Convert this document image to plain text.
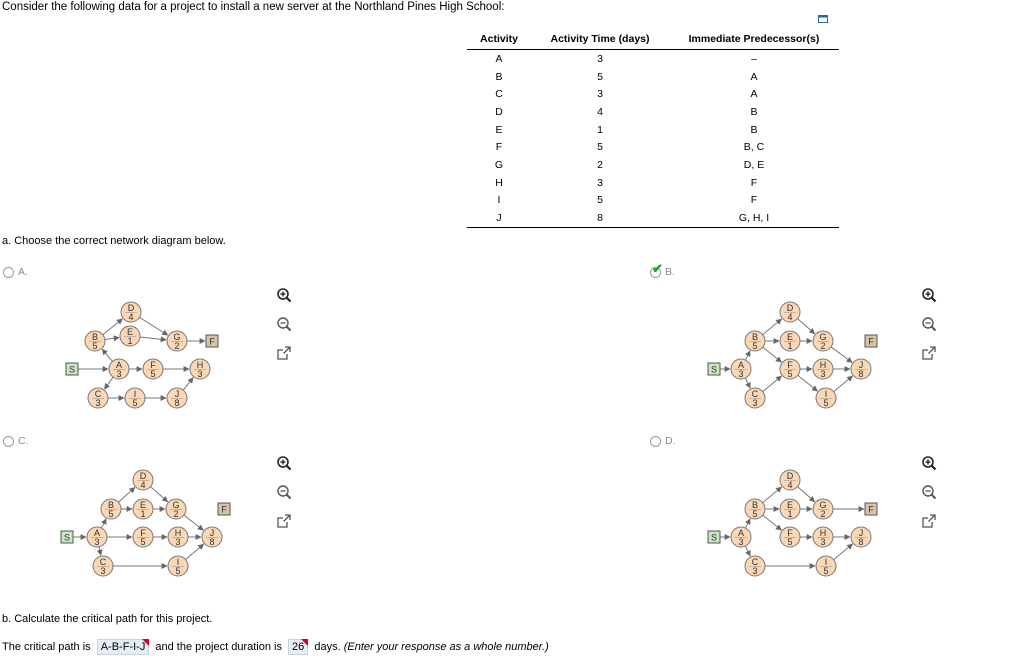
Consider the following data for a project to install a new server at the Northland Pines High School:
Activity	Activity Time (days)	Immediate Predecessor(s)
A	3	–
B	5	A
C	3	A
D	4	B
E	1	B
F	5	B, C
G	2	D, E
H	3	F
I	5	F
J	8	G, H, I
a. Choose the correct network diagram below.
A.	✔ B.
C.	D.
S	A
3
B
5
E
1
D
4
C
3
I
5
F
5
G
2
H
3
J
8
F
S A
3
B
5
C
3
D
4
E
1
F
5
G
2
H
3
I
5
J
8
F
S	A
3
B
5
C
3
D
4
E
1
F
5
G
2
H
3
I
5
J
8
F
S A
3
B
5
C
3
D
4
E
1
F
5
G
2
H
3
I
5
J
8
F
b. Calculate the critical path for this project.
The critical path is A-B-F-I-J and the project duration is 26 days. (Enter your response as a whole number.)
